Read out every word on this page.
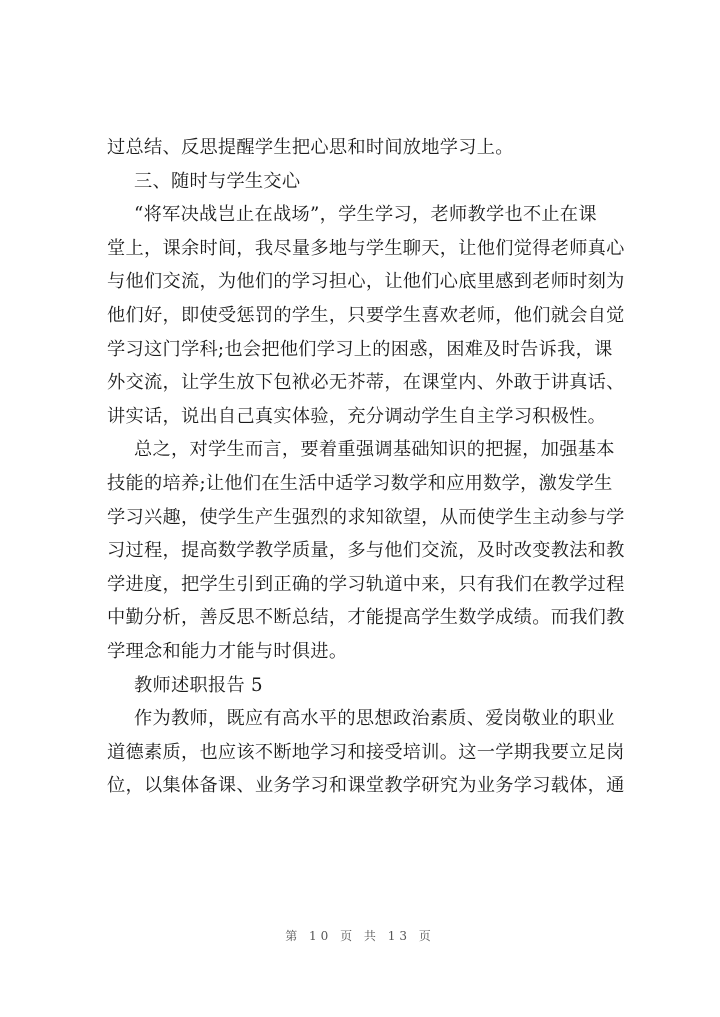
过总结、反思提醒学生把心思和时间放地学习上。
三、随时与学生交心
“将军决战岂止在战场”，学生学习，老师教学也不止在课
堂上，课余时间，我尽量多地与学生聊天，让他们觉得老师真心
与他们交流，为他们的学习担心，让他们心底里感到老师时刻为
他们好，即使受惩罚的学生，只要学生喜欢老师，他们就会自觉
学习这门学科;也会把他们学习上的困惑，困难及时告诉我，课
外交流，让学生放下包袱必无芥蒂，在课堂内、外敢于讲真话、
讲实话，说出自己真实体验，充分调动学生自主学习积极性。
总之，对学生而言，要着重强调基础知识的把握，加强基本
技能的培养;让他们在生活中适学习数学和应用数学，激发学生
学习兴趣，使学生产生强烈的求知欲望，从而使学生主动参与学
习过程，提高数学教学质量，多与他们交流，及时改变教法和教
学进度，把学生引到正确的学习轨道中来，只有我们在教学过程
中勤分析，善反思不断总结，才能提高学生数学成绩。而我们教
学理念和能力才能与时俱进。
教师述职报告 5
作为教师，既应有高水平的思想政治素质、爱岗敬业的职业
道德素质，也应该不断地学习和接受培训。这一学期我要立足岗
位，以集体备课、业务学习和课堂教学研究为业务学习载体，通
第 10 页 共 13 页
